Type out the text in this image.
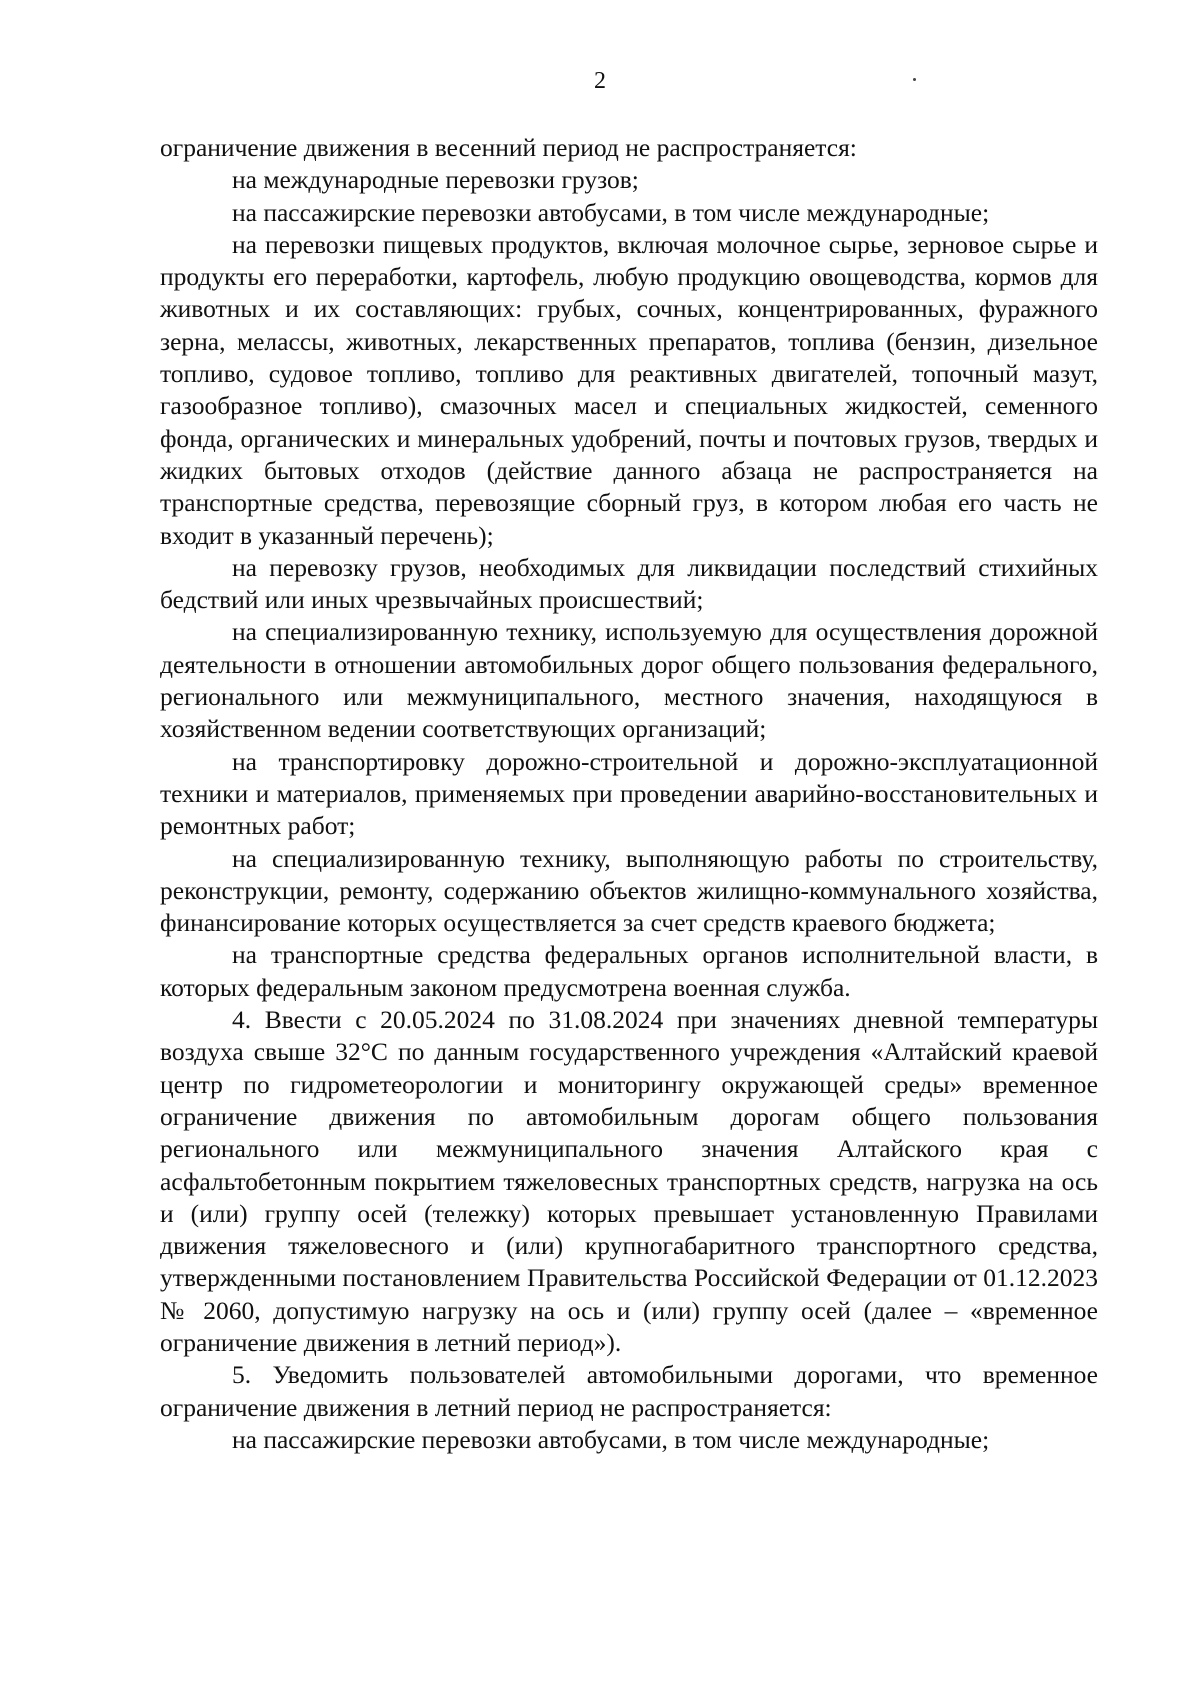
2

ограничение движения в весенний период не распространяется:

на международные перевозки грузов;

на пассажирские перевозки автобусами, в том числе международные;

на перевозки пищевых продуктов, включая молочное сырье, зерновое сырье и продукты его переработки, картофель, любую продукцию овощеводства, кормов для животных и их составляющих: грубых, сочных, концентрированных, фуражного зерна, мелассы, животных, лекарственных препаратов, топлива (бензин, дизельное топливо, судовое топливо, топливо для реактивных двигателей, топочный мазут, газообразное топливо), смазочных масел и специальных жидкостей, семенного фонда, органических и минеральных удобрений, почты и почтовых грузов, твердых и жидких бытовых отходов (действие данного абзаца не распространяется на транспортные средства, перевозящие сборный груз, в котором любая его часть не входит в указанный перечень);

на перевозку грузов, необходимых для ликвидации последствий стихийных бедствий или иных чрезвычайных происшествий;

на специализированную технику, используемую для осуществления дорожной деятельности в отношении автомобильных дорог общего пользования федерального, регионального или межмуниципального, местного значения, находящуюся в хозяйственном ведении соответствующих организаций;

на транспортировку дорожно-строительной и дорожно-эксплуатационной техники и материалов, применяемых при проведении аварийно-восстановительных и ремонтных работ;

на специализированную технику, выполняющую работы по строительству, реконструкции, ремонту, содержанию объектов жилищно-коммунального хозяйства, финансирование которых осуществляется за счет средств краевого бюджета;

на транспортные средства федеральных органов исполнительной власти, в которых федеральным законом предусмотрена военная служба.

4. Ввести с 20.05.2024 по 31.08.2024 при значениях дневной температуры воздуха свыше 32°С по данным государственного учреждения «Алтайский краевой центр по гидрометеорологии и мониторингу окружающей среды» временное ограничение движения по автомобильным дорогам общего пользования регионального или межмуниципального значения Алтайского края с асфальтобетонным покрытием тяжеловесных транспортных средств, нагрузка на ось и (или) группу осей (тележку) которых превышает установленную Правилами движения тяжеловесного и (или) крупногабаритного транспортного средства, утвержденными постановлением Правительства Российской Федерации от 01.12.2023 № 2060, допустимую нагрузку на ось и (или) группу осей (далее – «временное ограничение движения в летний период»).

5. Уведомить пользователей автомобильными дорогами, что временное ограничение движения в летний период не распространяется:

на пассажирские перевозки автобусами, в том числе международные;
